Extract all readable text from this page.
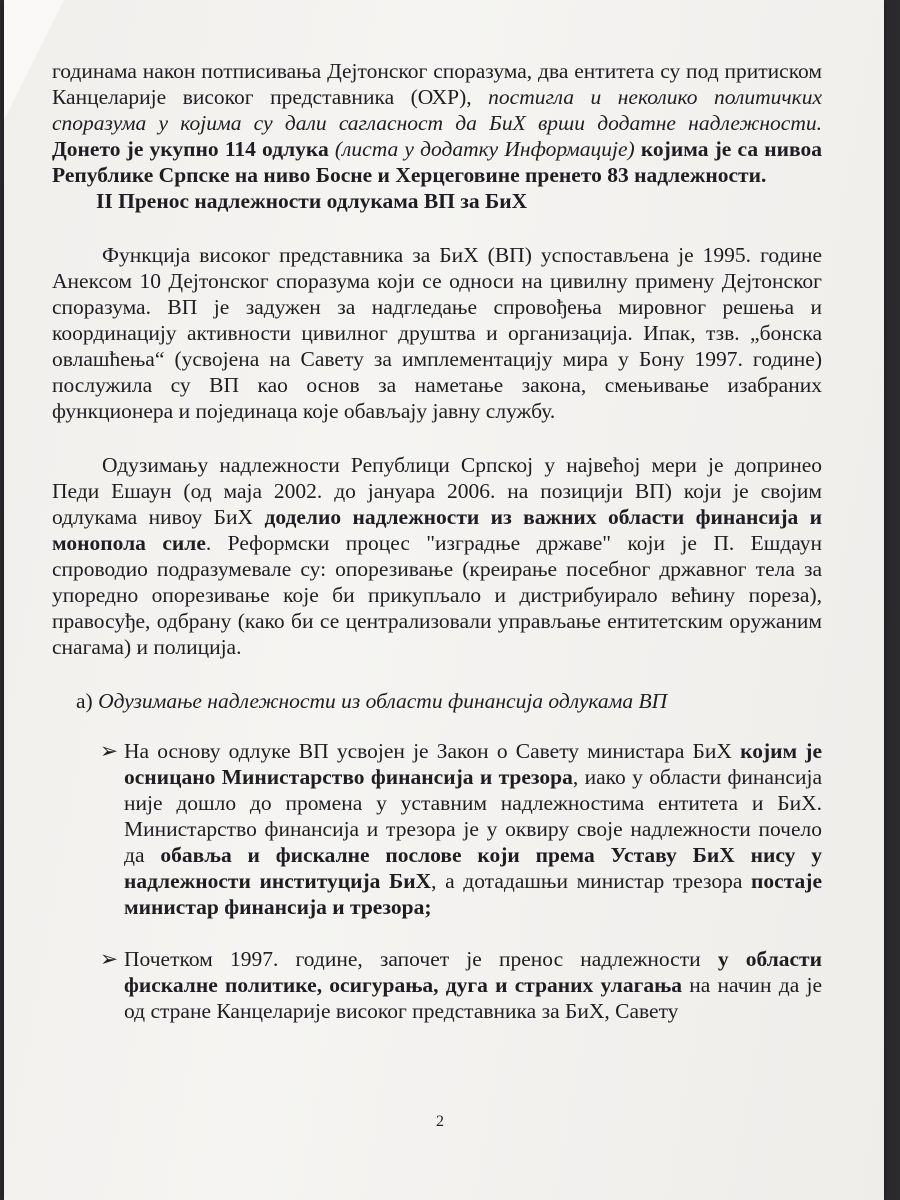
годинама након потписивања Дејтонског споразума, два ентитета су под притиском Канцеларије високог представника (ОХР), постигла и неколико политичких споразума у којима су дали сагласност да БиХ врши додатне надлежности. Донето је укупно 114 одлука (листа у додатку Информације) којима је са нивоа Републике Српске на ниво Босне и Херцеговине пренето 83 надлежности.

II Пренос надлежности одлукама ВП за БиХ

Функција високог представника за БиХ (ВП) успостављена је 1995. године Анексом 10 Дејтонског споразума који се односи на цивилну примену Дејтонског споразума. ВП је задужен за надгледање спровођења мировног решења и координацију активности цивилног друштва и организација. Ипак, тзв. „бонска овлашћења“ (усвојена на Савету за имплементацију мира у Бону 1997. године) послужила су ВП као основ за наметање закона, смењивање изабраних функционера и појединаца које обављају јавну службу.

Одузимању надлежности Републици Српској у највећој мери је допринео Педи Ешаун (од маја 2002. до јануара 2006. на позицији ВП) који је својим одлукама нивоу БиХ доделио надлежности из важних области финансија и монопола силе. Реформски процес "изградње државе" који је П. Ешдаун спроводио подразумевале су: опорезивање (креирање посебног државног тела за упоредно опорезивање које би прикупљало и дистрибуирало већину пореза), правосуђе, одбрану (како би се централизовали управљање ентитетским оружаним снагама) и полиција.

а) Одузимање надлежности из области финансија одлукама ВП

➢ На основу одлуке ВП усвојен је Закон о Савету министара БиХ којим је осницано Министарство финансија и трезора, иако у области финансија није дошло до промена у уставним надлежностима ентитета и БиХ. Министарство финансија и трезора је у оквиру своје надлежности почело да обавља и фискалне послове који према Уставу БиХ нису у надлежности институција БиХ, а дотадашњи министар трезора постаје министар финансија и трезора;

➢ Почетком 1997. године, започет је пренос надлежности у области фискалне политике, осигурања, дуга и страних улагања на начин да је од стране Канцеларије високог представника за БиХ, Савету

2
